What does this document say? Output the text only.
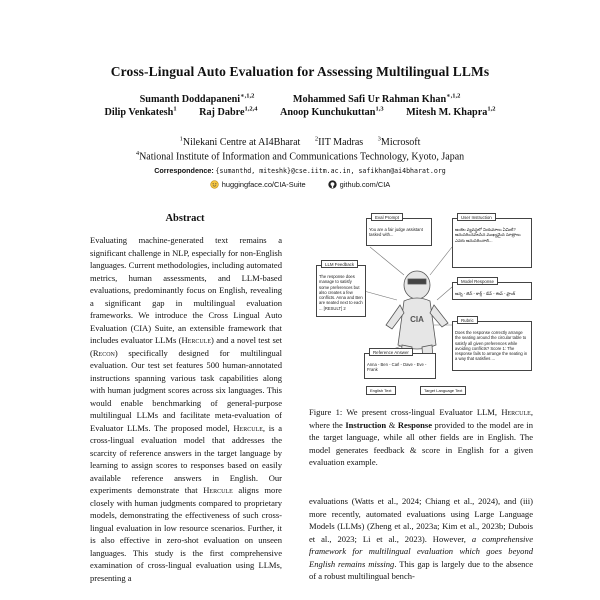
Cross-Lingual Auto Evaluation for Assessing Multilingual LLMs
Sumanth Doddapaneni$^{∗,1,2}$	Mohammed Safi Ur Rahman Khan$^{∗,1,2}$
Dilip Venkatesh$^1$ Raj Dabre$^{1,2,4}$ Anoop Kunchukuttan$^{1,3}$ Mitesh M. Khapra$^{1,2}$
$^1$Nilekani Centre at AI4Bharat $^2$IIT Madras $^3$Microsoft
$^4$National Institute of Information and Communications Technology, Kyoto, Japan
Correspondence: {sumanthd, miteshk}@cse.iitm.ac.in, safikhan@ai4bharat.org
huggingface.co/CIA-Suite
	github.com/CIA
Abstract
Evaluating machine-generated text remains a significant challenge in NLP, especially for non-English languages. Current methodologies, including automated metrics, human assessments, and LLM-based evaluations, predominantly focus on English, revealing a significant gap in multilingual evaluation frameworks. We introduce the Cross Lingual Auto Evaluation (CIA) Suite, an extensible framework that includes evaluator LLMs (Hercule) and a novel test set (Recon) specifically designed for multilingual evaluation. Our test set features 500 human-annotated instructions spanning various task capabilities along with human judgment scores across six languages. This would enable benchmarking of general-purpose multilingual LLMs and facilitate meta-evaluation of Evaluator LLMs. The proposed model, Hercule, is a cross-lingual evaluation model that addresses the scarcity of reference answers in the target language by learning to assign scores to responses based on easily available reference answers in English. Our experiments demonstrate that Hercule aligns more closely with human judgments compared to proprietary models, demonstrating the effectiveness of such cross-lingual evaluation in low resource scenarios. Further, it is also effective in zero-shot evaluation on unseen languages. This study is the first comprehensive examination of cross-lingual evaluation using LLMs, presenting a
CIA
Eval Prompt
You are a fair judge assistant tasked with...
User Instruction
అంకెల వ్యవస్థలో నియమాలు ఏమిటి? అనుసరించవలసిన ముఖ్యమైన సూత్రాలు ఎవరు అనుసరించాలి...
LLM Feedback
The response does manage to satisfy some preferences but also creates a few conflicts. Anna and Ben are seated next to each ... [RESULT] 2
Model Response
అన్న - బెన్ - కార్ల్ - డేవ్ - ఈవ్ - ఫ్రాంక్
Rubric
Does the response correctly arrange the seating around the circular table to satisfy all given preferences while avoiding conflicts? Score 1: The response fails to arrange the seating in a way that satisfies ...
Reference Answer
Anna - Ben - Carl - Dave - Eve - Frank
English Text	Target Language Text
Figure 1: We present cross-lingual Evaluator LLM, Hercule, where the Instruction & Response provided to the model are in the target language, while all other fields are in English. The model generates feedback & score in English for a given evaluation example.
evaluations (Watts et al., 2024; Chiang et al., 2024), and (iii) more recently, automated evaluations using Large Language Models (LLMs) (Zheng et al., 2023a; Kim et al., 2023b; Dubois et al., 2023; Li et al., 2023). However, a comprehensive framework for multilingual evaluation which goes beyond English remains missing. This gap is largely due to the absence of a robust multilingual bench-
